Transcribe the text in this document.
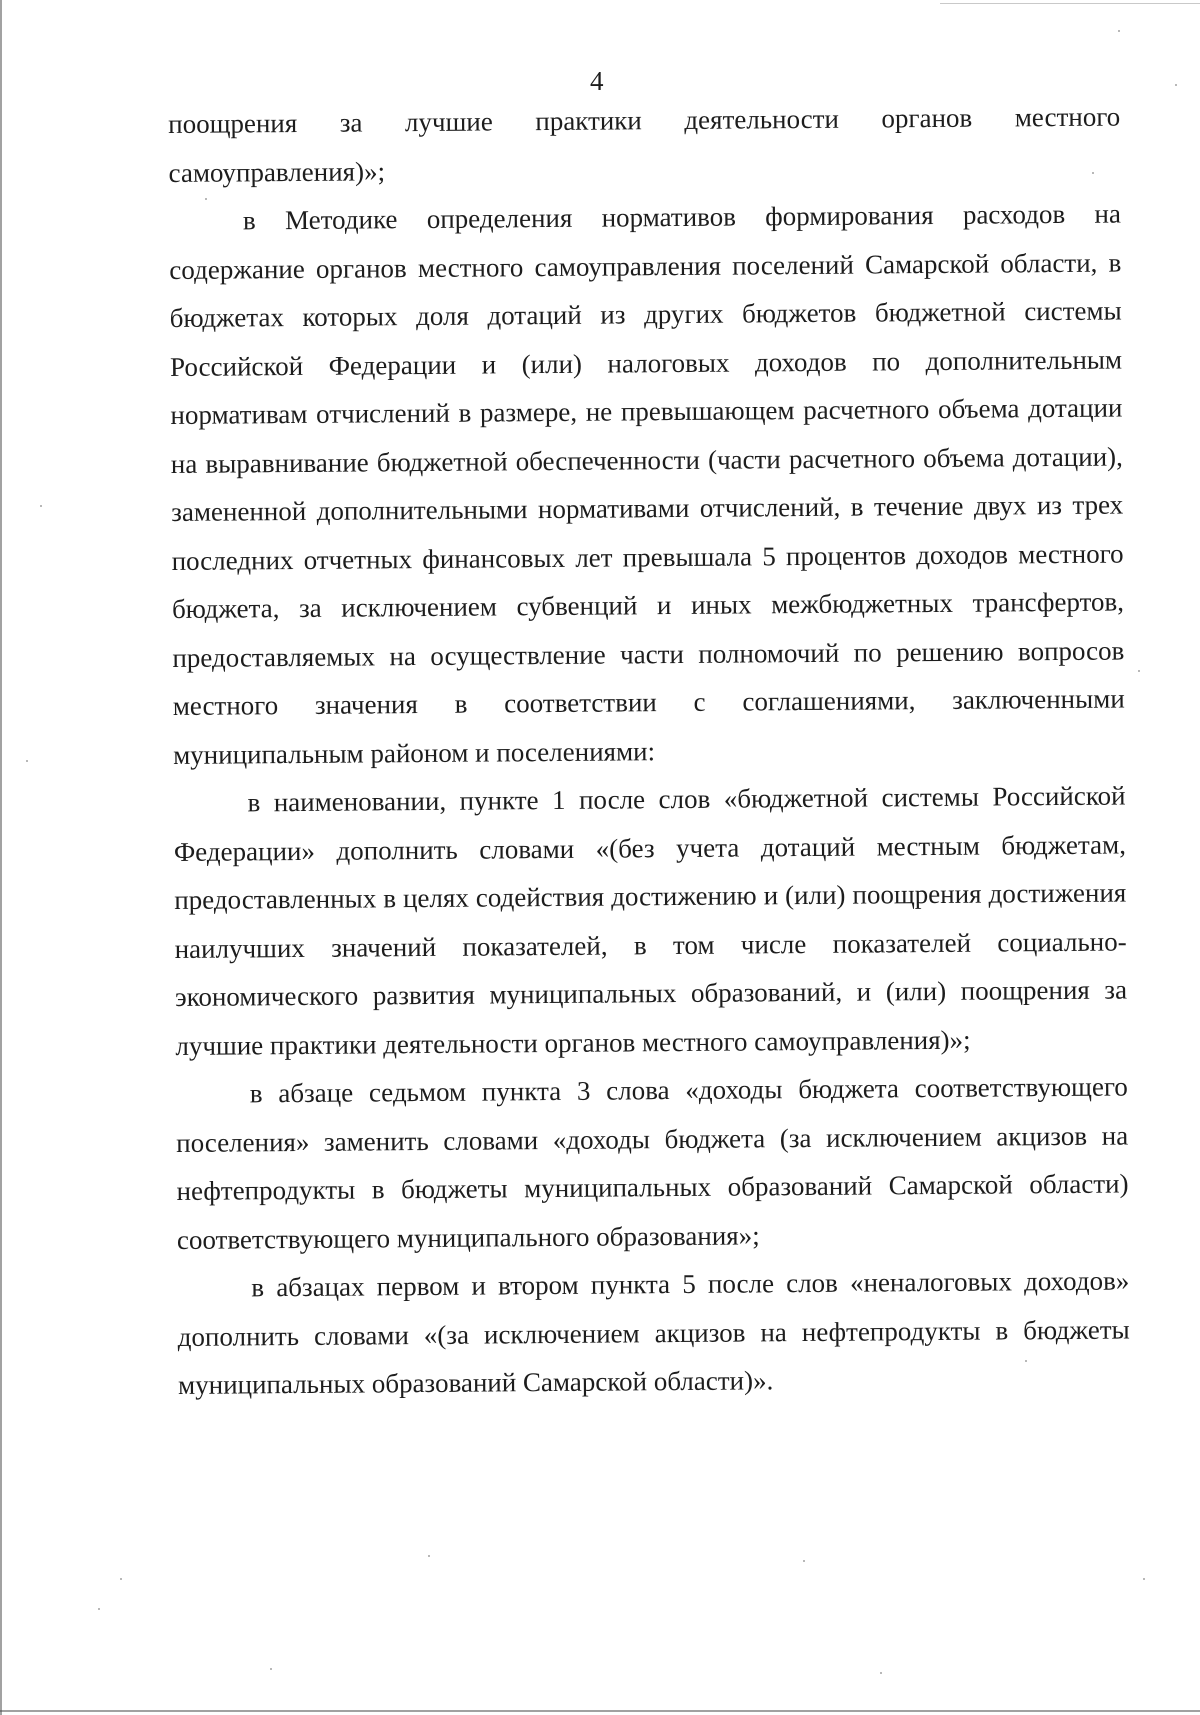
4

поощрения за лучшие практики деятельности органов местного самоуправления)»;

в Методике определения нормативов формирования расходов на содержание органов местного самоуправления поселений Самарской области, в бюджетах которых доля дотаций из других бюджетов бюджетной системы Российской Федерации и (или) налоговых доходов по дополнительным нормативам отчислений в размере, не превышающем расчетного объема дотации на выравнивание бюджетной обеспеченности (части расчетного объема дотации), замененной дополнительными нормативами отчислений, в течение двух из трех последних отчетных финансовых лет превышала 5 процентов доходов местного бюджета, за исключением субвенций и иных межбюджетных трансфертов, предоставляемых на осуществление части полномочий по решению вопросов местного значения в соответствии с соглашениями, заключенными муниципальным районом и поселениями:

в наименовании, пункте 1 после слов «бюджетной системы Российской Федерации» дополнить словами «(без учета дотаций местным бюджетам, предоставленных в целях содействия достижению и (или) поощрения достижения наилучших значений показателей, в том числе показателей социально-экономического развития муниципальных образований, и (или) поощрения за лучшие практики деятельности органов местного самоуправления)»;

в абзаце седьмом пункта 3 слова «доходы бюджета соответствующего поселения» заменить словами «доходы бюджета (за исключением акцизов на нефтепродукты в бюджеты муниципальных образований Самарской области) соответствующего муниципального образования»;

в абзацах первом и втором пункта 5 после слов «неналоговых доходов» дополнить словами «(за исключением акцизов на нефтепродукты в бюджеты муниципальных образований Самарской области)».
